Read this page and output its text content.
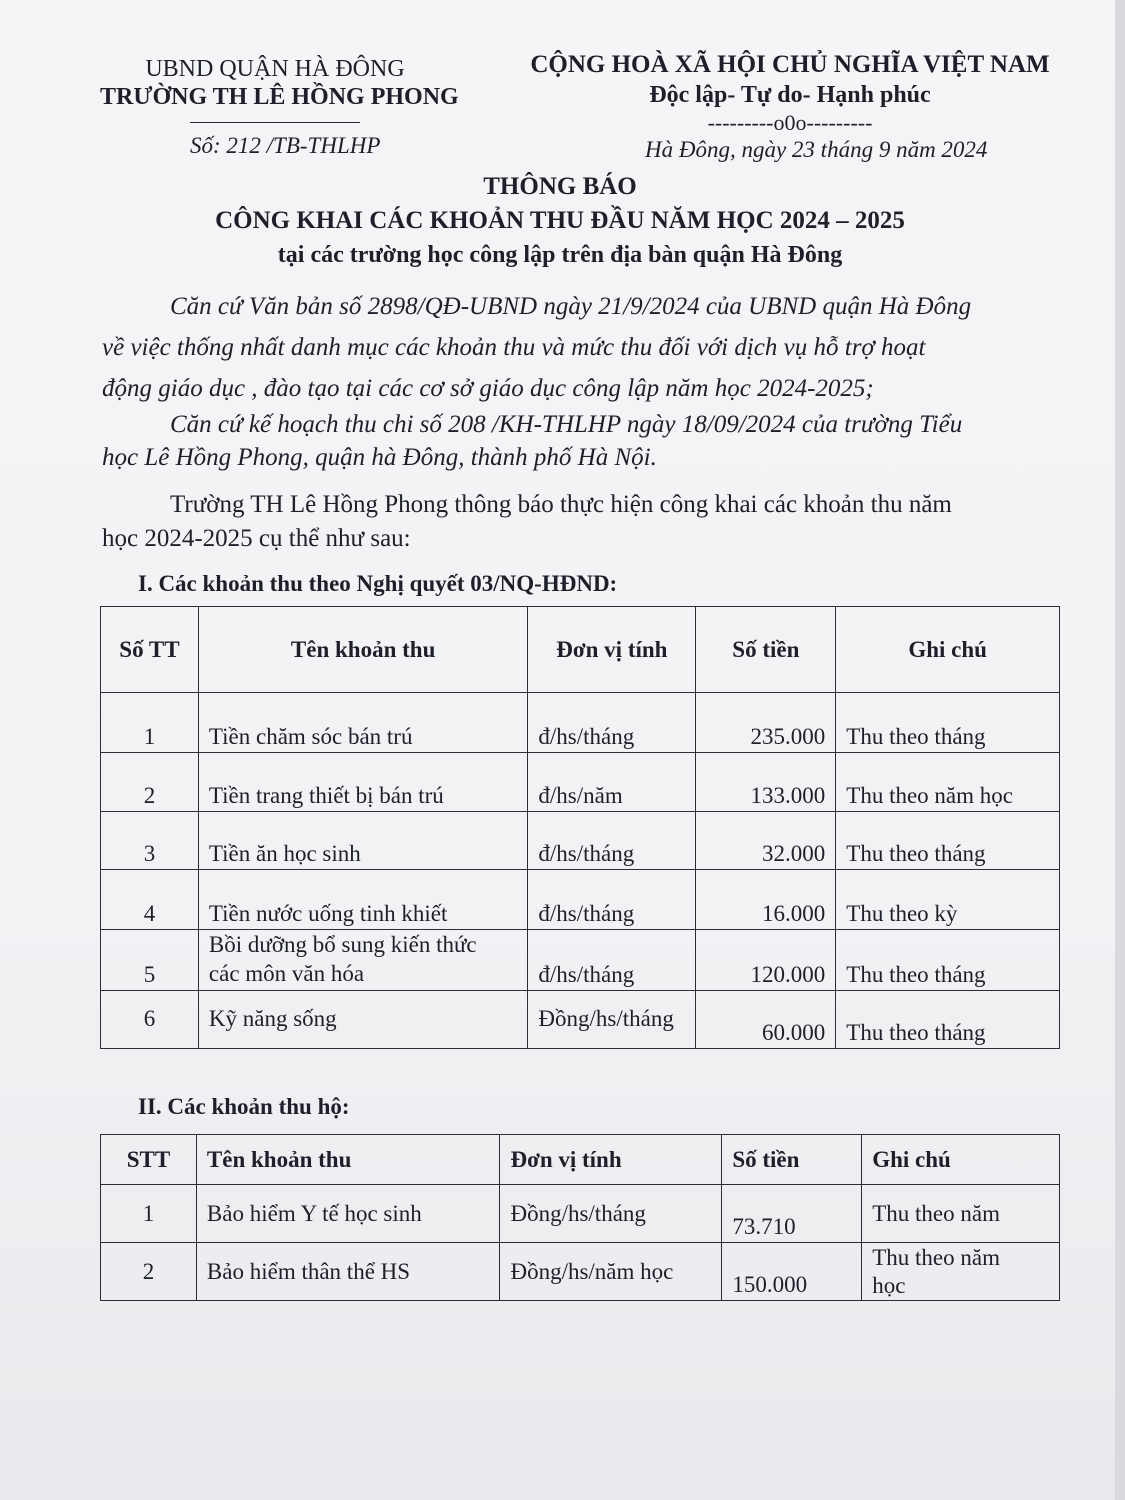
UBND QUẬN HÀ ĐÔNG
TRƯỜNG TH LÊ HỒNG PHONG
Số: 212 /TB-THLHP
CỘNG HOÀ XÃ HỘI CHỦ NGHĨA VIỆT NAM
Độc lập- Tự do- Hạnh phúc
---------o0o---------
Hà Đông, ngày 23 tháng 9 năm 2024
THÔNG BÁO
CÔNG KHAI CÁC KHOẢN THU ĐẦU NĂM HỌC 2024 – 2025
tại các trường học công lập trên địa bàn quận Hà Đông
Căn cứ Văn bản số 2898/QĐ-UBND ngày 21/9/2024 của UBND quận Hà Đông
về việc thống nhất danh mục các khoản thu và mức thu đối với dịch vụ hỗ trợ hoạt
động giáo dục , đào tạo tại các cơ sở giáo dục công lập năm học 2024-2025;
Căn cứ kế hoạch thu chi số 208 /KH-THLHP ngày 18/09/2024 của trường Tiểu
học Lê Hồng Phong, quận hà Đông, thành phố Hà Nội.
Trường TH Lê Hồng Phong thông báo thực hiện công khai các khoản thu năm
học 2024-2025 cụ thể như sau:
I. Các khoản thu theo Nghị quyết 03/NQ-HĐND:
Số TT	Tên khoản thu	Đơn vị tính	Số tiền	Ghi chú
1	Tiền chăm sóc bán trú	đ/hs/tháng	235.000	Thu theo tháng
2	Tiền trang thiết bị bán trú	đ/hs/năm	133.000	Thu theo năm học
3	Tiền ăn học sinh	đ/hs/tháng	32.000	Thu theo tháng
4	Tiền nước uống tinh khiết	đ/hs/tháng	16.000	Thu theo kỳ
5	Bồi dưỡng bổ sung kiến thức
các môn văn hóa	đ/hs/tháng	120.000	Thu theo tháng
6	Kỹ năng sống	Đồng/hs/tháng	60.000	Thu theo tháng
II. Các khoản thu hộ:
STT	Tên khoản thu	Đơn vị tính	Số tiền	Ghi chú
1	Bảo hiểm Y tế học sinh	Đồng/hs/tháng	73.710	Thu theo năm
2	Bảo hiểm thân thể HS	Đồng/hs/năm học	150.000	Thu theo năm
học
